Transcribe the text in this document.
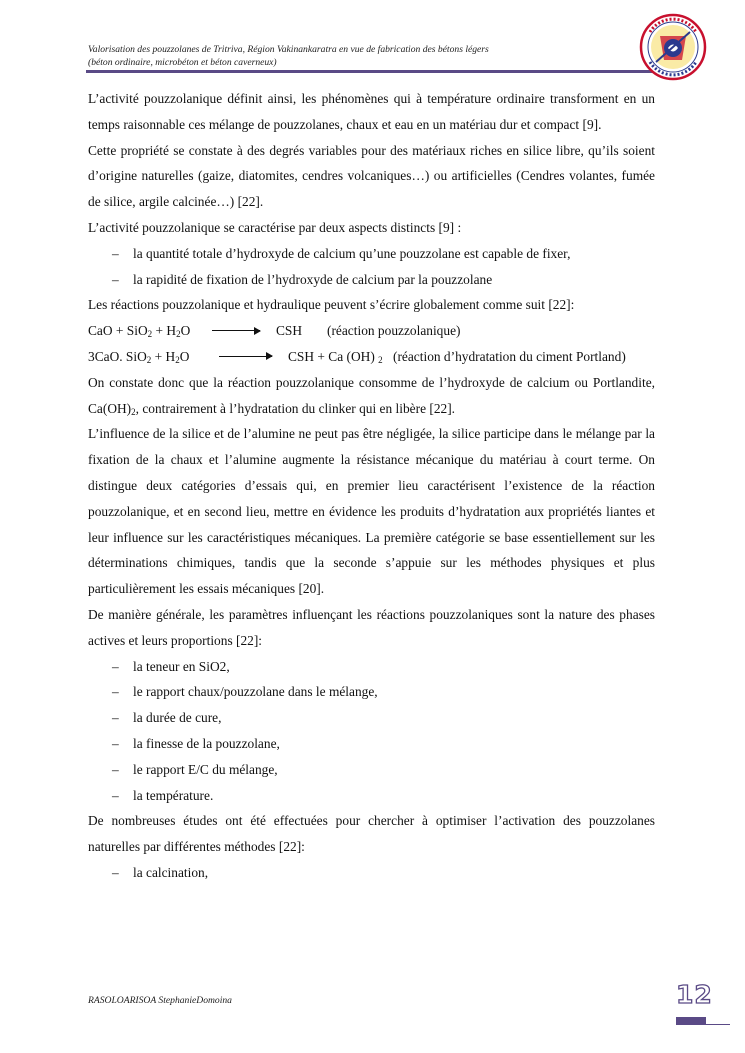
Valorisation des pouzzolanes de Tritriva, Région Vakinankaratra en vue de fabrication des bétons légers
(béton ordinaire, microbéton et béton caverneux)

L’activité pouzzolanique définit ainsi, les phénomènes qui à température ordinaire transforment en un temps raisonnable ces mélange de pouzzolanes, chaux et eau en un matériau dur et compact [9].

Cette propriété se constate à des degrés variables pour des matériaux riches en silice libre, qu’ils soient d’origine naturelles (gaize, diatomites, cendres volcaniques…) ou artificielles (Cendres volantes, fumée de silice, argile calcinée…) [22].

L’activité pouzzolanique se caractérise par deux aspects distincts [9] :

– la quantité totale d’hydroxyde de calcium qu’une pouzzolane est capable de fixer,
– la rapidité de fixation de l’hydroxyde de calcium par la pouzzolane

Les réactions pouzzolanique et hydraulique peuvent s’écrire globalement comme suit [22]:

CaO + $SiO_2 + H_2O$ → CSH (réaction pouzzolanique)
3CaO. $SiO_2 + H_2O$ → CSH + Ca (OH) $_2$ (réaction d’hydratation du ciment Portland)

On constate donc que la réaction pouzzolanique consomme de l’hydroxyde de calcium ou Portlandite, $Ca(OH)_2$, contrairement à l’hydratation du clinker qui en libère [22].

L’influence de la silice et de l’alumine ne peut pas être négligée, la silice participe dans le mélange par la fixation de la chaux et l’alumine augmente la résistance mécanique du matériau à court terme. On distingue deux catégories d’essais qui, en premier lieu caractérisent l’existence de la réaction pouzzolanique, et en second lieu, mettre en évidence les produits d’hydratation aux propriétés liantes et leur influence sur les caractéristiques mécaniques. La première catégorie se base essentiellement sur les déterminations chimiques, tandis que la seconde s’appuie sur les méthodes physiques et plus particulièrement les essais mécaniques [20].

De manière générale, les paramètres influençant les réactions pouzzolaniques sont la nature des phases actives et leurs proportions [22]:

– la teneur en SiO2,
– le rapport chaux/pouzzolane dans le mélange,
– la durée de cure,
– la finesse de la pouzzolane,
– le rapport E/C du mélange,
– la température.

De nombreuses études ont été effectuées pour chercher à optimiser l’activation des pouzzolanes naturelles par différentes méthodes [22]:

– la calcination,
RASOLOARISOA StephanieDomoina	12
